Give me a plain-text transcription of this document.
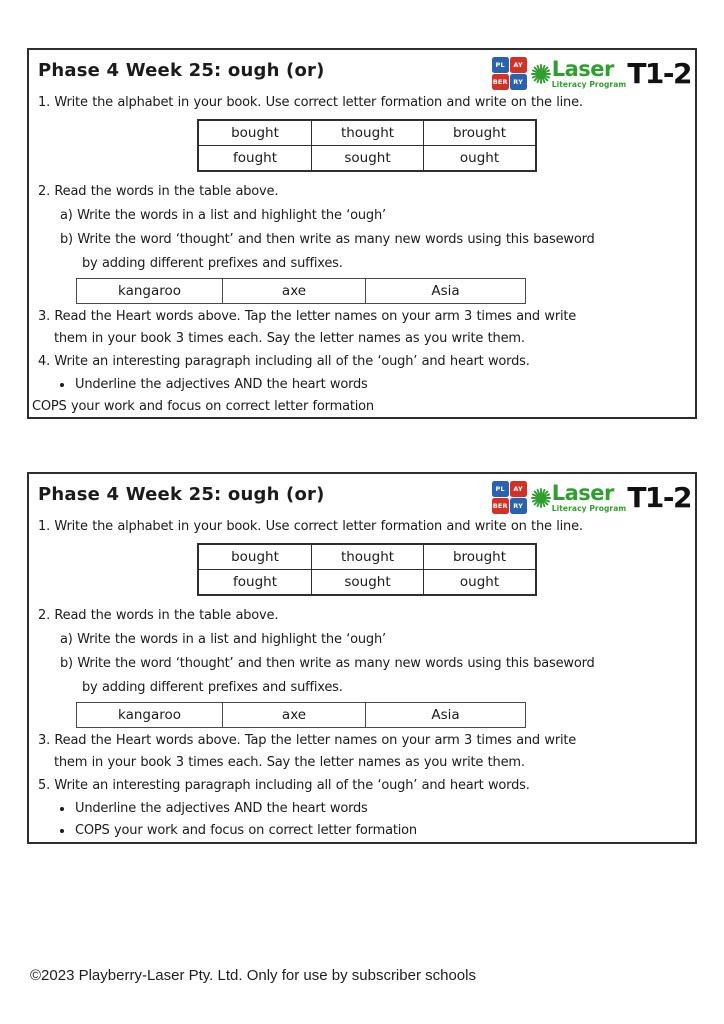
Phase 4 Week 25: ough (or)	PL	AY
BER RY
Laser
Literacy Program T1-2
1. Write the alphabet in your book. Use correct letter formation and write on the line.
bought	thought	brought
fought	sought	ought
2. Read the words in the table above.
a) Write the words in a list and highlight the ‘ough’
b) Write the word ‘thought’ and then write as many new words using this baseword
by adding different prefixes and suffixes.
kangaroo	axe	Asia
3. Read the Heart words above. Tap the letter names on your arm 3 times and write
them in your book 3 times each. Say the letter names as you write them.
4. Write an interesting paragraph including all of the ‘ough’ and heart words.
Underline the adjectives AND the heart words
COPS your work and focus on correct letter formation
Phase 4 Week 25: ough (or)	PL	AY
BER RY
Laser
Literacy Program T1-2
1. Write the alphabet in your book. Use correct letter formation and write on the line.
bought	thought	brought
fought	sought	ought
2. Read the words in the table above.
a) Write the words in a list and highlight the ‘ough’
b) Write the word ‘thought’ and then write as many new words using this baseword
by adding different prefixes and suffixes.
kangaroo	axe	Asia
3. Read the Heart words above. Tap the letter names on your arm 3 times and write
them in your book 3 times each. Say the letter names as you write them.
5. Write an interesting paragraph including all of the ‘ough’ and heart words.
Underline the adjectives AND the heart words
COPS your work and focus on correct letter formation
©2023 Playberry-Laser Pty. Ltd. Only for use by subscriber schools
